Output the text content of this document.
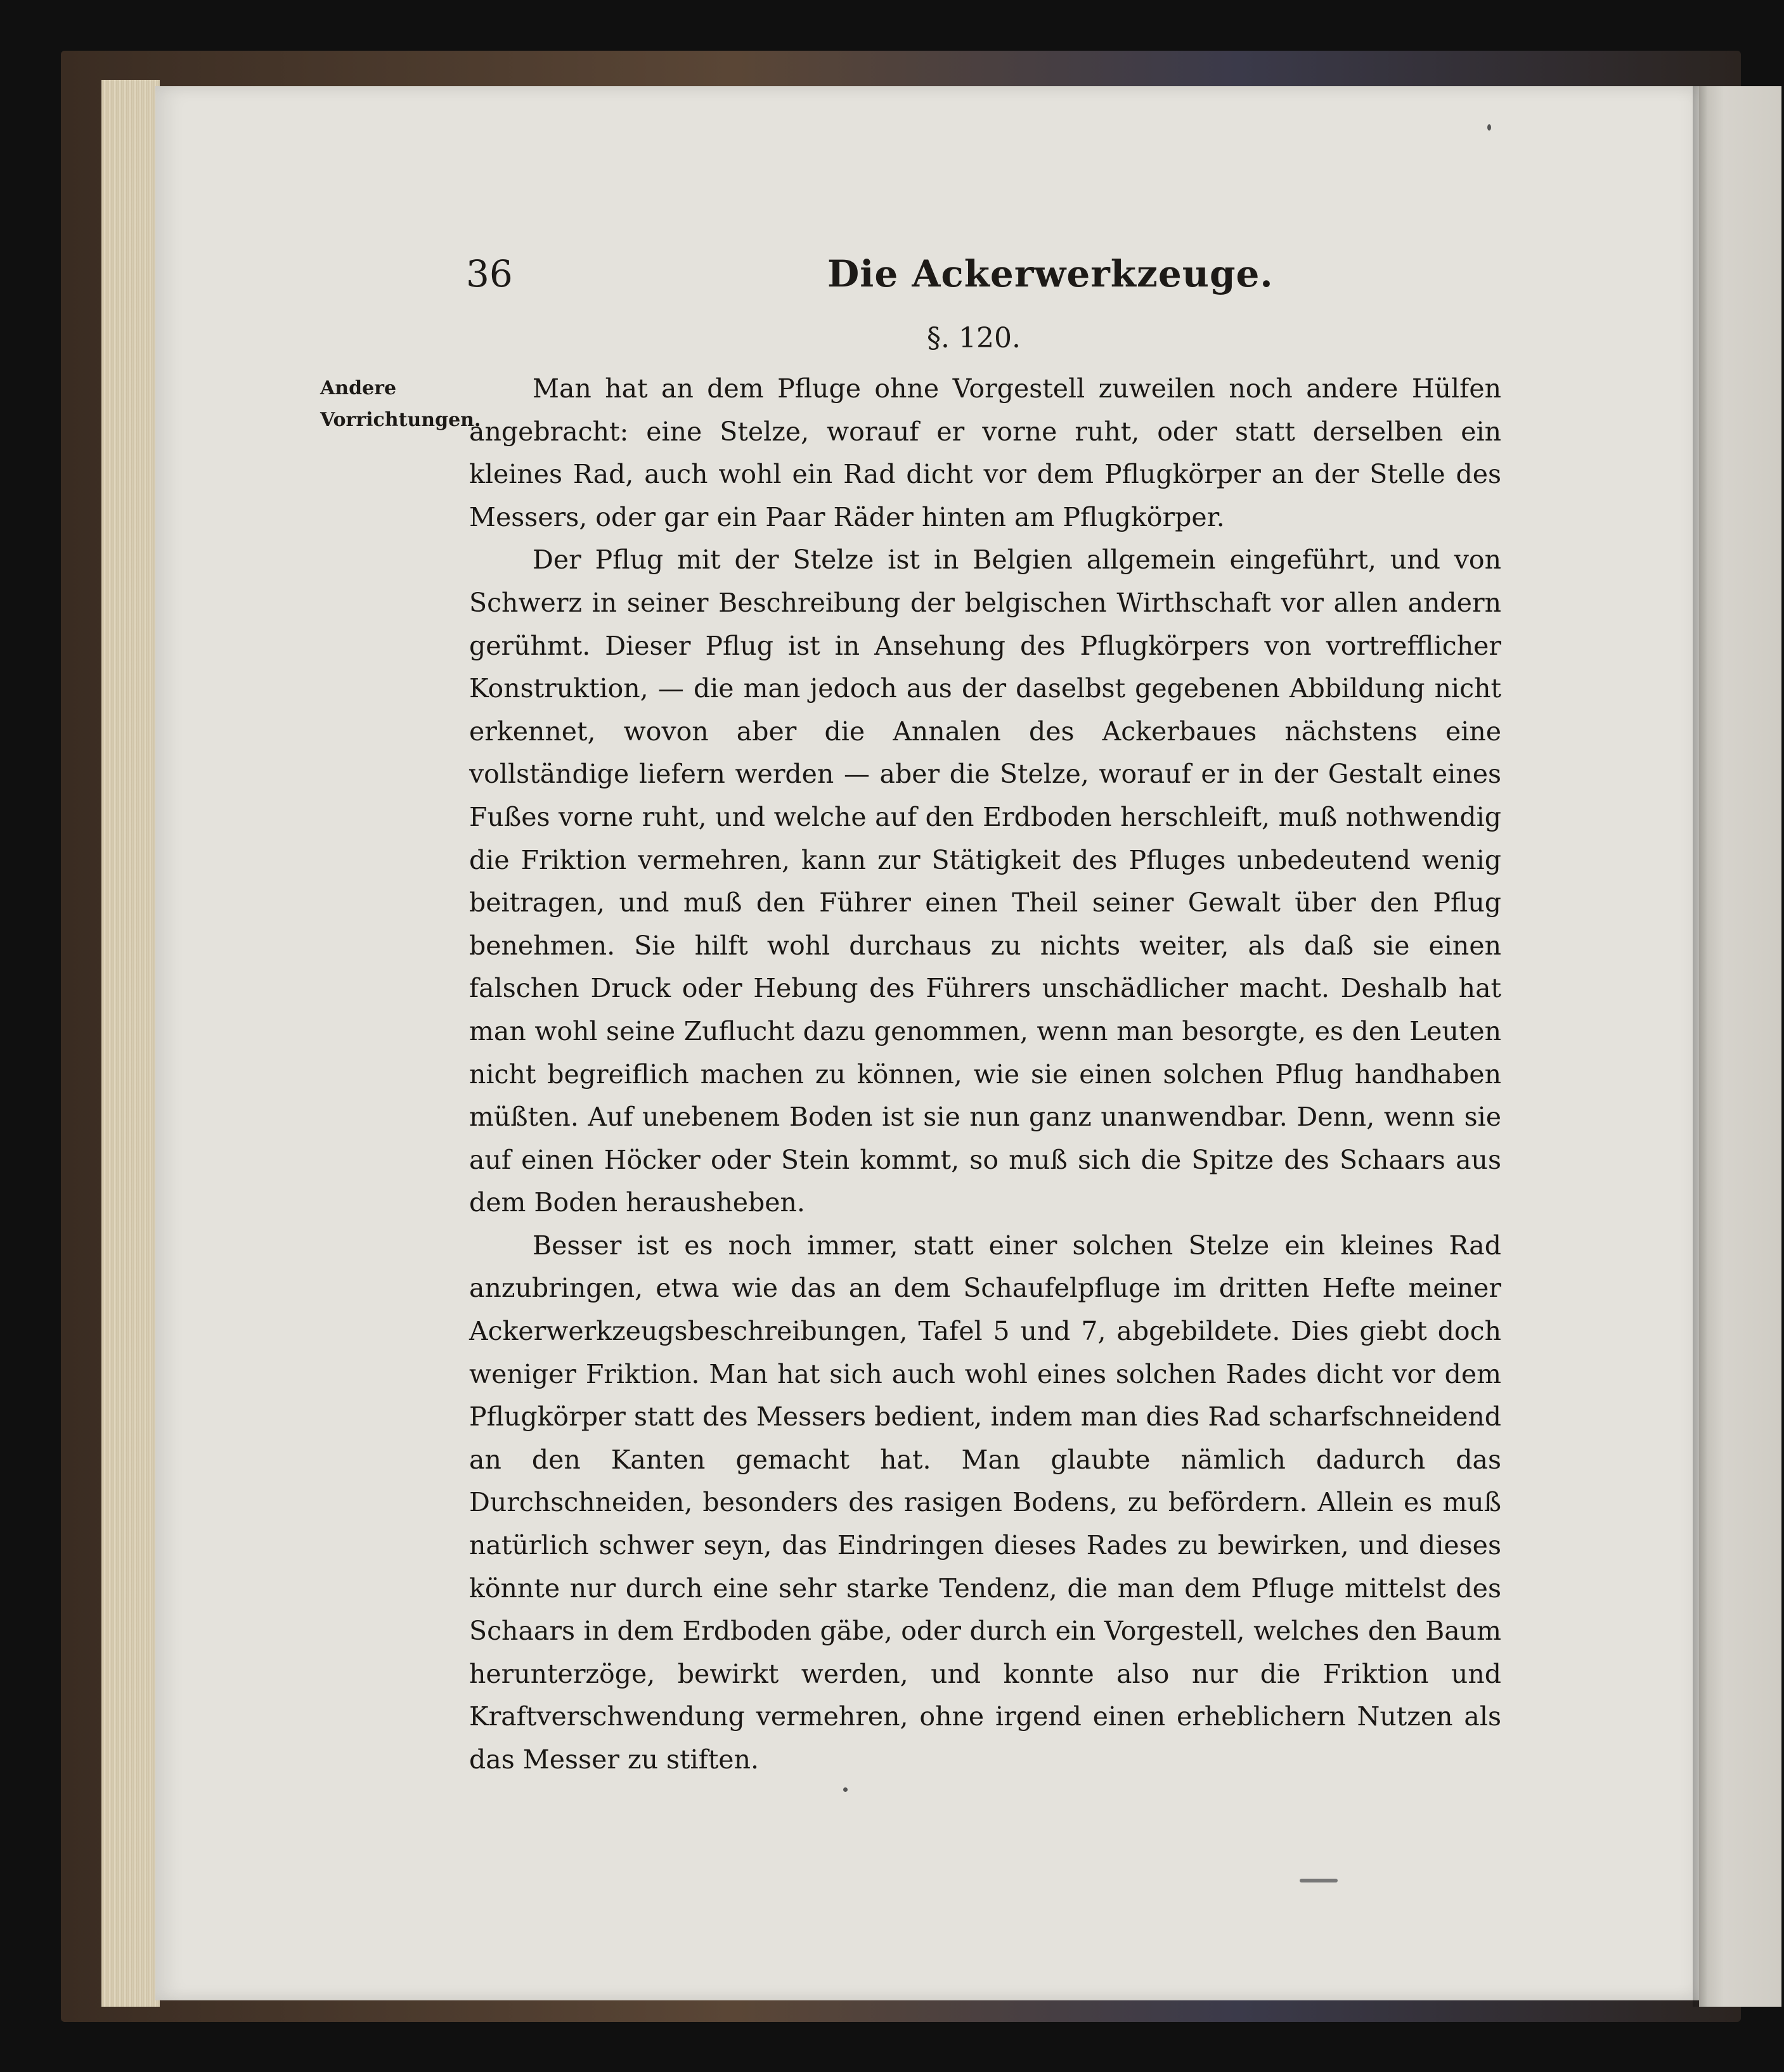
36	Die Ackerwerkzeuge.
§. 120.
Andere Vorrichtungen.

Man hat an dem Pfluge ohne Vorgestell zuweilen noch andere Hülfen angebracht: eine Stelze, worauf er vorne ruht, oder statt derselben ein kleines Rad, auch wohl ein Rad dicht vor dem Pflugkörper an der Stelle des Messers, oder gar ein Paar Räder hinten am Pflugkörper.

Der Pflug mit der Stelze ist in Belgien allgemein eingeführt, und von Schwerz in seiner Beschreibung der belgischen Wirthschaft vor allen andern gerühmt. Dieser Pflug ist in Ansehung des Pflugkörpers von vortrefflicher Konstruktion, — die man jedoch aus der daselbst gegebenen Abbildung nicht erkennet, wovon aber die Annalen des Ackerbaues nächstens eine vollständige liefern werden — aber die Stelze, worauf er in der Gestalt eines Fußes vorne ruht, und welche auf den Erdboden herschleift, muß nothwendig die Friktion vermehren, kann zur Stätigkeit des Pfluges unbedeutend wenig beitragen, und muß den Führer einen Theil seiner Gewalt über den Pflug benehmen. Sie hilft wohl durchaus zu nichts weiter, als daß sie einen falschen Druck oder Hebung des Führers unschädlicher macht. Deshalb hat man wohl seine Zuflucht dazu genommen, wenn man besorgte, es den Leuten nicht begreiflich machen zu können, wie sie einen solchen Pflug handhaben müßten. Auf unebenem Boden ist sie nun ganz unanwendbar. Denn, wenn sie auf einen Höcker oder Stein kommt, so muß sich die Spitze des Schaars aus dem Boden herausheben.

Besser ist es noch immer, statt einer solchen Stelze ein kleines Rad anzubringen, etwa wie das an dem Schaufelpfluge im dritten Hefte meiner Ackerwerkzeugsbeschreibungen, Tafel 5 und 7, abgebildete. Dies giebt doch weniger Friktion. Man hat sich auch wohl eines solchen Rades dicht vor dem Pflugkörper statt des Messers bedient, indem man dies Rad scharfschneidend an den Kanten gemacht hat. Man glaubte nämlich dadurch das Durchschneiden, besonders des rasigen Bodens, zu befördern. Allein es muß natürlich schwer seyn, das Eindringen dieses Rades zu bewirken, und dieses könnte nur durch eine sehr starke Tendenz, die man dem Pfluge mittelst des Schaars in dem Erdboden gäbe, oder durch ein Vorgestell, welches den Baum herunterzöge, bewirkt werden, und konnte also nur die Friktion und Kraftverschwendung vermehren, ohne irgend einen erheblichern Nutzen als das Messer zu stiften.
